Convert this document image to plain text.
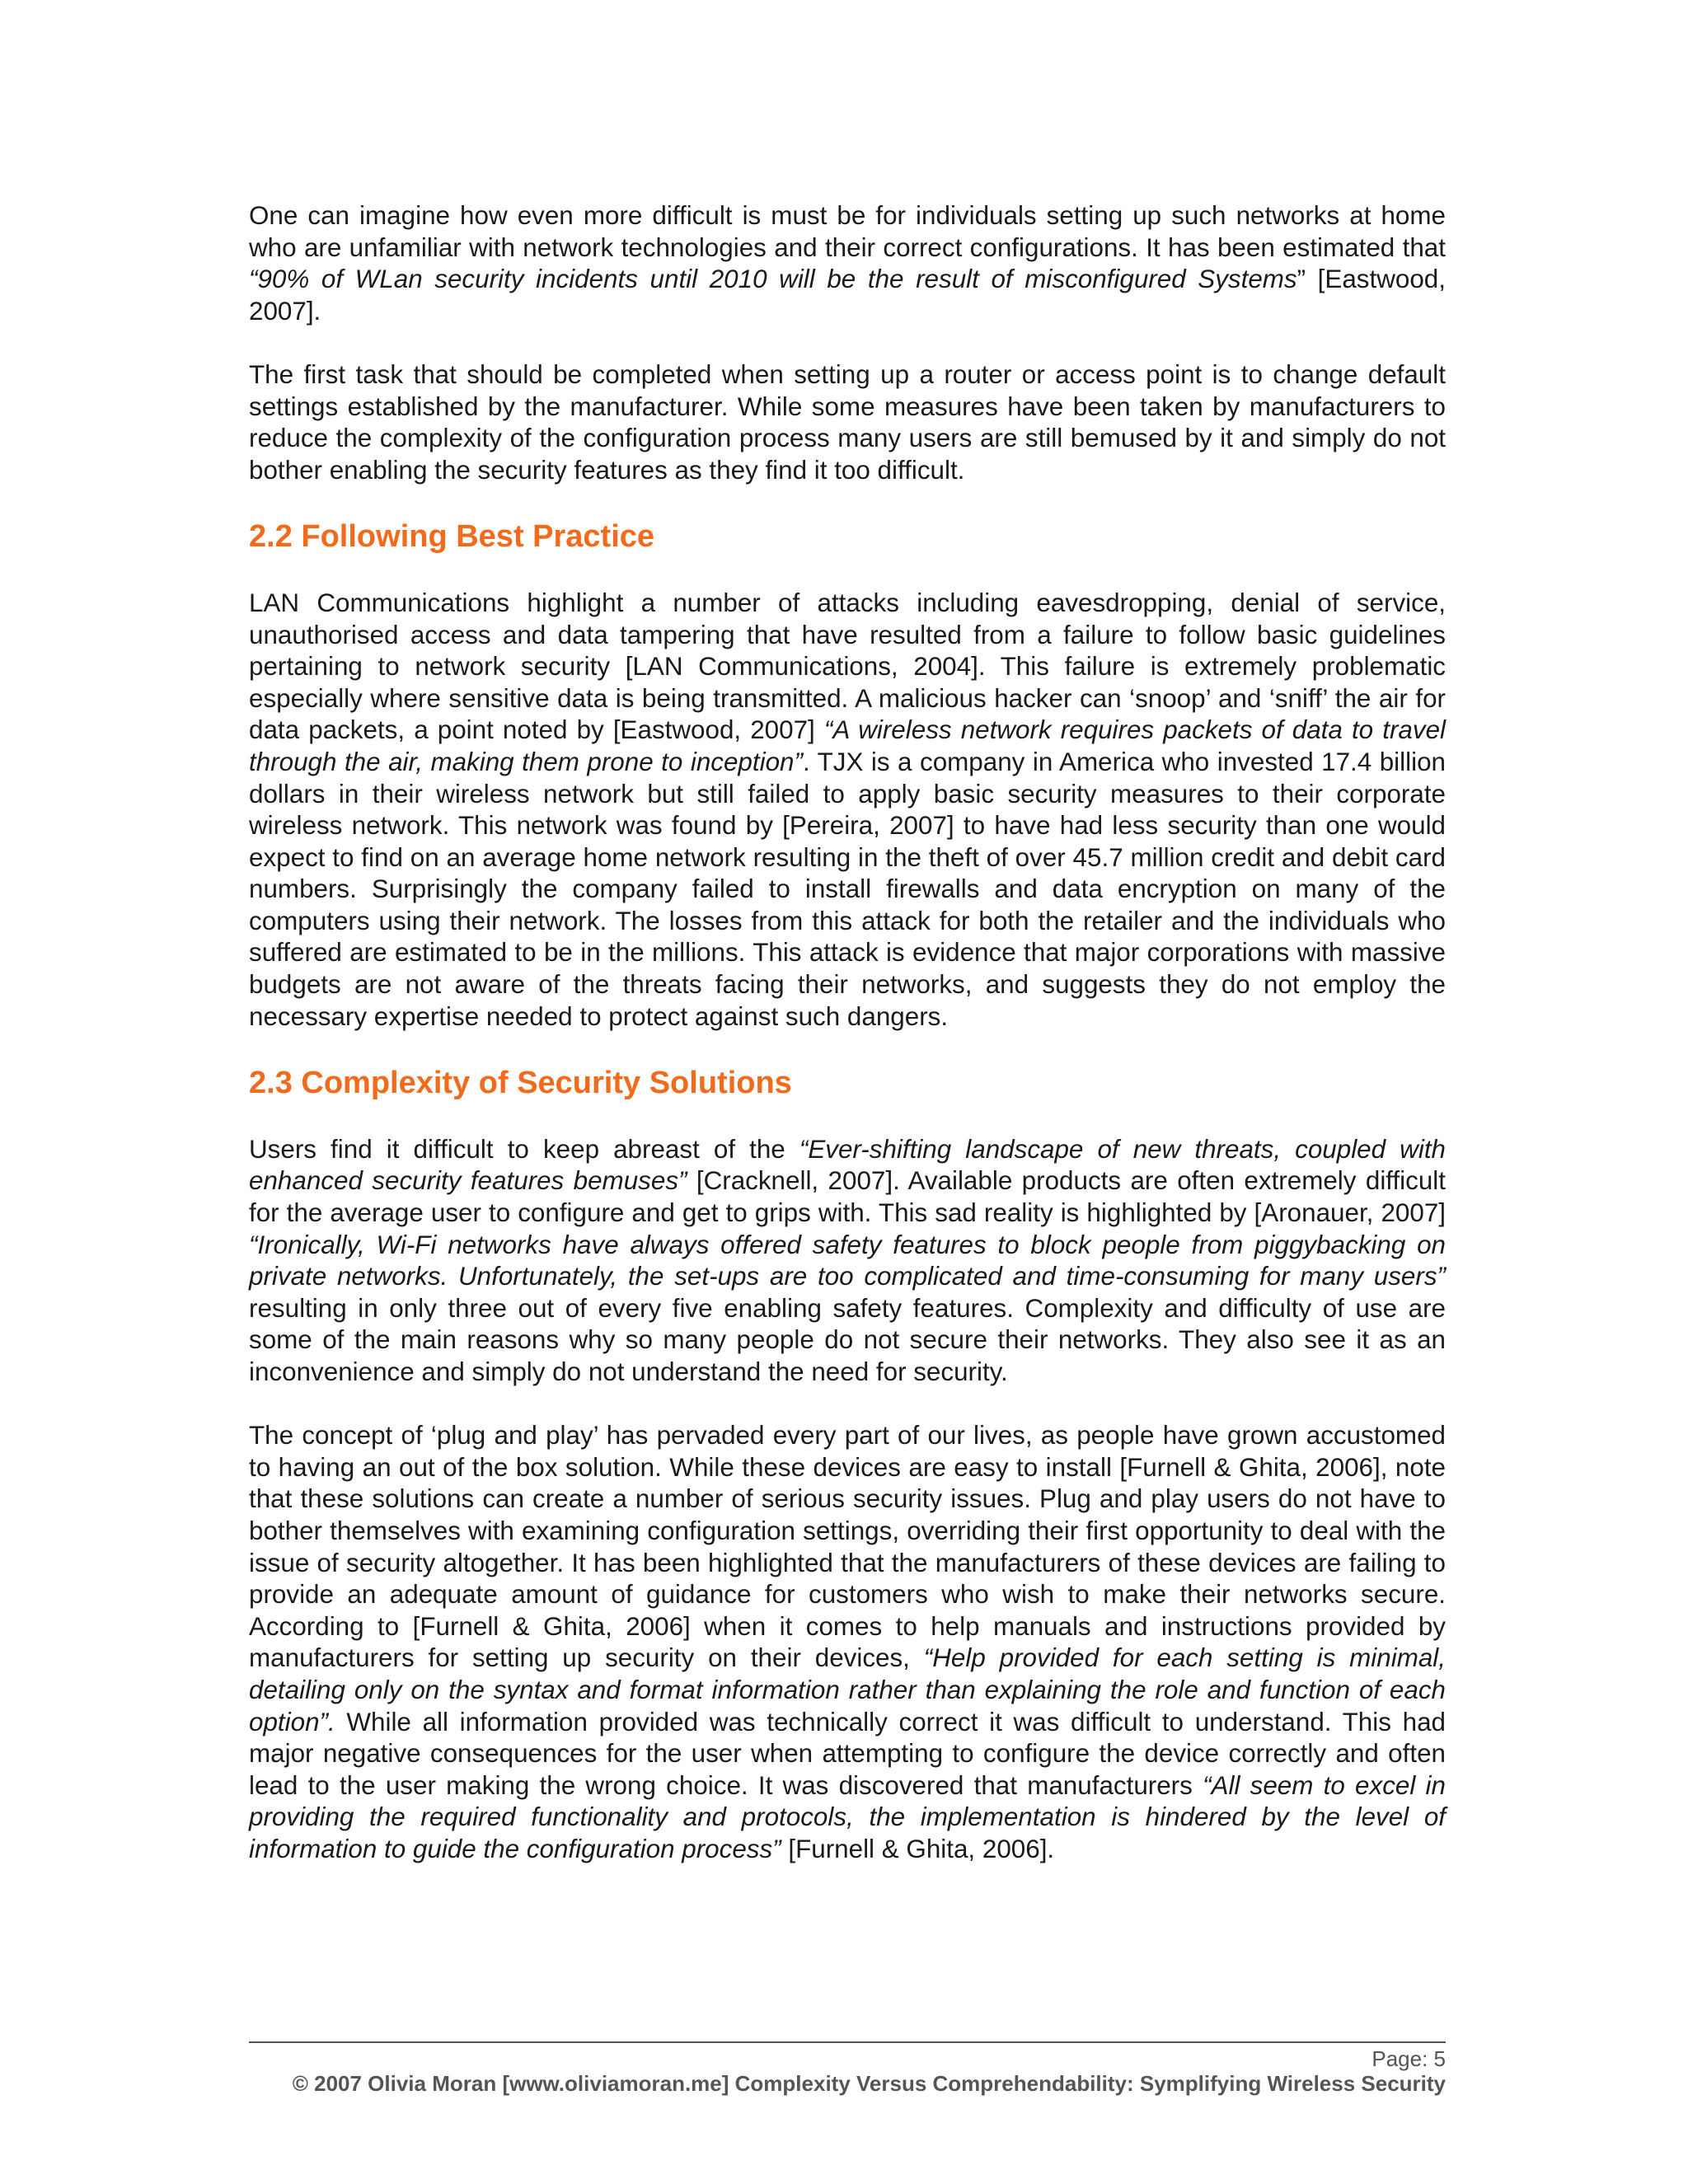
One can imagine how even more difficult is must be for individuals setting up such networks at home who are unfamiliar with network technologies and their correct configurations. It has been estimated that “90% of WLan security incidents until 2010 will be the result of misconfigured Systems” [Eastwood, 2007].

The first task that should be completed when setting up a router or access point is to change default settings established by the manufacturer. While some measures have been taken by manufacturers to reduce the complexity of the configuration process many users are still bemused by it and simply do not bother enabling the security features as they find it too difficult.

2.2 Following Best Practice

LAN Communications highlight a number of attacks including eavesdropping, denial of service, unauthorised access and data tampering that have resulted from a failure to follow basic guidelines pertaining to network security [LAN Communications, 2004]. This failure is extremely problematic especially where sensitive data is being transmitted. A malicious hacker can ‘snoop’ and ‘sniff’ the air for data packets, a point noted by [Eastwood, 2007] “A wireless network requires packets of data to travel through the air, making them prone to inception”. TJX is a company in America who invested 17.4 billion dollars in their wireless network but still failed to apply basic security measures to their corporate wireless network. This network was found by [Pereira, 2007] to have had less security than one would expect to find on an average home network resulting in the theft of over 45.7 million credit and debit card numbers. Surprisingly the company failed to install firewalls and data encryption on many of the computers using their network. The losses from this attack for both the retailer and the individuals who suffered are estimated to be in the millions. This attack is evidence that major corporations with massive budgets are not aware of the threats facing their networks, and suggests they do not employ the necessary expertise needed to protect against such dangers.

2.3 Complexity of Security Solutions

Users find it difficult to keep abreast of the “Ever-shifting landscape of new threats, coupled with enhanced security features bemuses” [Cracknell, 2007]. Available products are often extremely difficult for the average user to configure and get to grips with. This sad reality is highlighted by [Aronauer, 2007] “Ironically, Wi-Fi networks have always offered safety features to block people from piggybacking on private networks. Unfortunately, the set-ups are too complicated and time-consuming for many users” resulting in only three out of every five enabling safety features. Complexity and difficulty of use are some of the main reasons why so many people do not secure their networks. They also see it as an inconvenience and simply do not understand the need for security.

The concept of ‘plug and play’ has pervaded every part of our lives, as people have grown accustomed to having an out of the box solution. While these devices are easy to install [Furnell & Ghita, 2006], note that these solutions can create a number of serious security issues. Plug and play users do not have to bother themselves with examining configuration settings, overriding their first opportunity to deal with the issue of security altogether. It has been highlighted that the manufacturers of these devices are failing to provide an adequate amount of guidance for customers who wish to make their networks secure. According to [Furnell & Ghita, 2006] when it comes to help manuals and instructions provided by manufacturers for setting up security on their devices, “Help provided for each setting is minimal, detailing only on the syntax and format information rather than explaining the role and function of each option”. While all information provided was technically correct it was difficult to understand. This had major negative consequences for the user when attempting to configure the device correctly and often lead to the user making the wrong choice. It was discovered that manufacturers “All seem to excel in providing the required functionality and protocols, the implementation is hindered by the level of information to guide the configuration process” [Furnell & Ghita, 2006].

Page: 5
© 2007 Olivia Moran [www.oliviamoran.me] Complexity Versus Comprehendability: Symplifying Wireless Security
